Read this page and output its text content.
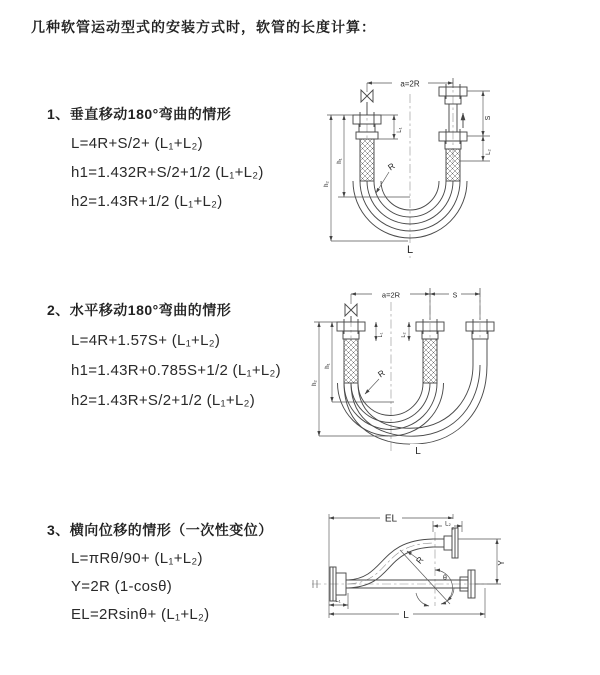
几种软管运动型式的安装方式时，软管的长度计算：
1、垂直移动180°弯曲的情形
L=4R+S/2+ (L₁+L₂)
h1=1.432R+S/2+1/2 (L₁+L₂)
h2=1.43R+1/2 (L₁+L₂)
2、水平移动180°弯曲的情形
L=4R+1.57S+ (L₁+L₂)
h1=1.43R+0.785S+1/2 (L₁+L₂)
h2=1.43R+S/2+1/2 (L₁+L₂)
3、横向位移的情形（一次性变位）
L=πRθ/90+ (L₁+L₂)
Y=2R (1-cosθ)
EL=2Rsinθ+ (L₁+L₂)
a=2R
S
L₂
L₁
h₁
h₂
R
L
a=2R	S
h₁
h₂
L₁	L₂
R
L
EL	L₂
Y
L
L₁
R
θ
